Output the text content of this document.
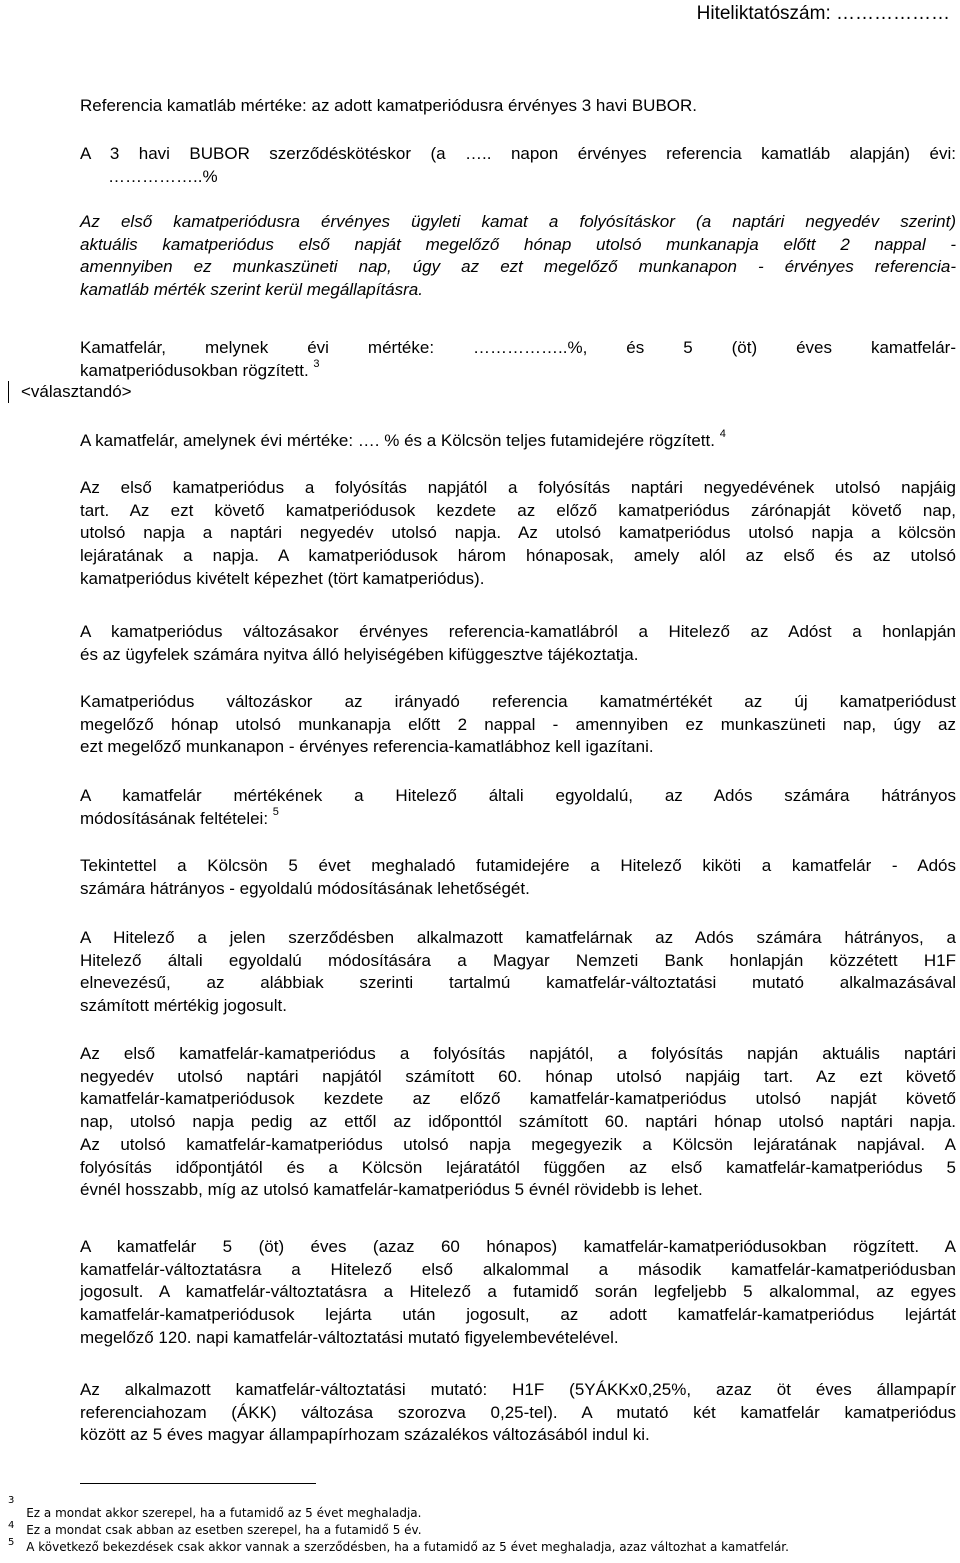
Hiteliktatószám: ………………
Referencia kamatláb mértéke: az adott kamatperiódusra érvényes 3 havi BUBOR.
A 3 havi BUBOR szerződéskötéskor (a ….. napon érvényes referencia kamatláb alapján) évi:
……………..%
Az első kamatperiódusra érvényes ügyleti kamat a folyósításkor (a naptári negyedév szerint)
aktuális kamatperiódus első napját megelőző hónap utolsó munkanapja előtt 2 nappal -
amennyiben ez munkaszüneti nap, úgy az ezt megelőző munkanapon - érvényes referencia-
kamatláb mérték szerint kerül megállapításra.
Kamatfelár, melynek évi mértéke: ……………..%, és 5 (öt) éves kamatfelár-
kamatperiódusokban rögzített. $^3$
<választandó>
A kamatfelár, amelynek évi mértéke: …. % és a Kölcsön teljes futamidejére rögzített. $^4$
Az első kamatperiódus a folyósítás napjától a folyósítás naptári negyedévének utolsó napjáig
tart. Az ezt követő kamatperiódusok kezdete az előző kamatperiódus zárónapját követő nap,
utolsó napja a naptári negyedév utolsó napja. Az utolsó kamatperiódus utolsó napja a kölcsön
lejáratának a napja. A kamatperiódusok három hónaposak, amely alól az első és az utolsó
kamatperiódus kivételt képezhet (tört kamatperiódus).
A kamatperiódus változásakor érvényes referencia-kamatlábról a Hitelező az Adóst a honlapján
és az ügyfelek számára nyitva álló helyiségében kifüggesztve tájékoztatja.
Kamatperiódus változáskor az irányadó referencia kamatmértékét az új kamatperiódust
megelőző hónap utolsó munkanapja előtt 2 nappal - amennyiben ez munkaszüneti nap, úgy az
ezt megelőző munkanapon - érvényes referencia-kamatlábhoz kell igazítani.
A kamatfelár mértékének a Hitelező általi egyoldalú, az Adós számára hátrányos
módosításának feltételei: $^5$
Tekintettel a Kölcsön 5 évet meghaladó futamidejére a Hitelező kiköti a kamatfelár - Adós
számára hátrányos - egyoldalú módosításának lehetőségét.
A Hitelező a jelen szerződésben alkalmazott kamatfelárnak az Adós számára hátrányos, a
Hitelező általi egyoldalú módosítására a Magyar Nemzeti Bank honlapján közzétett H1F
elnevezésű, az alábbiak szerinti tartalmú kamatfelár-változtatási mutató alkalmazásával
számított mértékig jogosult.
Az első kamatfelár-kamatperiódus a folyósítás napjától, a folyósítás napján aktuális naptári
negyedév utolsó naptári napjától számított 60. hónap utolsó napjáig tart. Az ezt követő
kamatfelár-kamatperiódusok kezdete az előző kamatfelár-kamatperiódus utolsó napját követő
nap, utolsó napja pedig az ettől az időponttól számított 60. naptári hónap utolsó naptári napja.
Az utolsó kamatfelár-kamatperiódus utolsó napja megegyezik a Kölcsön lejáratának napjával. A
folyósítás időpontjától és a Kölcsön lejáratától függően az első kamatfelár-kamatperiódus 5
évnél hosszabb, míg az utolsó kamatfelár-kamatperiódus 5 évnél rövidebb is lehet.
A kamatfelár 5 (öt) éves (azaz 60 hónapos) kamatfelár-kamatperiódusokban rögzített. A
kamatfelár-változtatásra a Hitelező első alkalommal a második kamatfelár-kamatperiódusban
jogosult. A kamatfelár-változtatásra a Hitelező a futamidő során legfeljebb 5 alkalommal, az egyes
kamatfelár-kamatperiódusok lejárta után jogosult, az adott kamatfelár-kamatperiódus lejártát
megelőző 120. napi kamatfelár-változtatási mutató figyelembevételével.
Az alkalmazott kamatfelár-változtatási mutató: H1F (5YÁKKx0,25%, azaz öt éves állampapír
referenciahozam (ÁKK) változása szorozva 0,25-tel). A mutató két kamatfelár kamatperiódus
között az 5 éves magyar állampapírhozam százalékos változásából indul ki.
$^3$ Ez a mondat akkor szerepel, ha a futamidő az 5 évet meghaladja.
$^4$ Ez a mondat csak abban az esetben szerepel, ha a futamidő 5 év.
$^5$ A következő bekezdések csak akkor vannak a szerződésben, ha a futamidő az 5 évet meghaladja, azaz változhat a kamatfelár.
